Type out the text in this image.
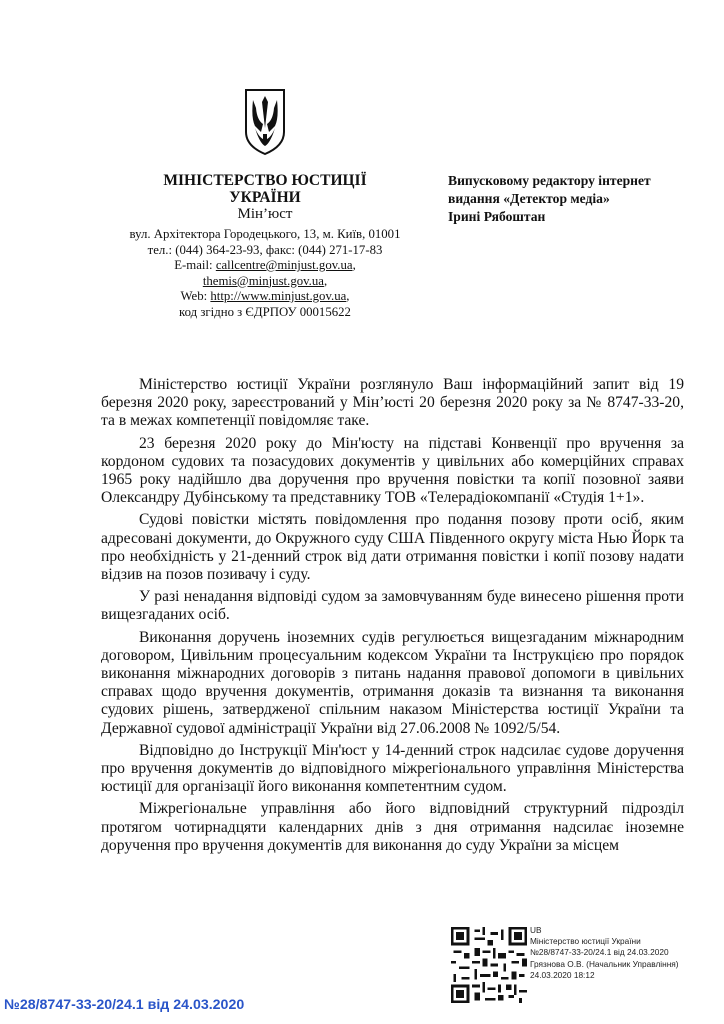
МІНІСТЕРСТВО ЮСТИЦІЇ
УКРАЇНИ
Мін’юст
вул. Архітектора Городецького, 13, м. Київ, 01001
тел.: (044) 364-23-93, факс: (044) 271-17-83
E-mail: callcentre@minjust.gov.ua,
themis@minjust.gov.ua,
Web: http://www.minjust.gov.ua,
код згідно з ЄДРПОУ 00015622
Випусковому редактору інтернет
видання «Детектор медіа»
Ірині Рябоштан

Міністерство юстиції України розглянуло Ваш інформаційний запит від 19 березня 2020 року, зареєстрований у Мін’юсті 20 березня 2020 року за № 8747-33-20, та в межах компетенції повідомляє таке.

23 березня 2020 року до Мін'юсту на підставі Конвенції про вручення за кордоном судових та позасудових документів у цивільних або комерційних справах 1965 року надійшло два доручення про вручення повістки та копії позовної заяви Олександру Дубінському та представнику ТОВ «Телерадіокомпанії «Студія 1+1».

Судові повістки містять повідомлення про подання позову проти осіб, яким адресовані документи, до Окружного суду США Південного округу міста Нью Йорк та про необхідність у 21-денний строк від дати отримання повістки і копії позову надати відзив на позов позивачу і суду.

У разі ненадання відповіді судом за замовчуванням буде винесено рішення проти вищезгаданих осіб.

Виконання доручень іноземних судів регулюється вищезгаданим міжнародним договором, Цивільним процесуальним кодексом України та Інструкцією про порядок виконання міжнародних договорів з питань надання правової допомоги в цивільних справах щодо вручення документів, отримання доказів та визнання та виконання судових рішень, затвердженої спільним наказом Міністерства юстиції України та Державної судової адміністрації України від 27.06.2008 № 1092/5/54.

Відповідно до Інструкції Мін'юст у 14-денний строк надсилає судове доручення про вручення документів до відповідного міжрегіонального управління Міністерства юстиції для організації його виконання компетентним судом.

Міжрегіональне управління або його відповідний структурний підрозділ протягом чотирнадцяти календарних днів з дня отримання надсилає іноземне доручення про вручення документів для виконання до суду України за місцем

UB
Міністерство юстиції України
№28/8747-33-20/24.1 від 24.03.2020
Грязнова О.В. (Начальник Управління)
24.03.2020 18:12
№28/8747-33-20/24.1 від 24.03.2020
